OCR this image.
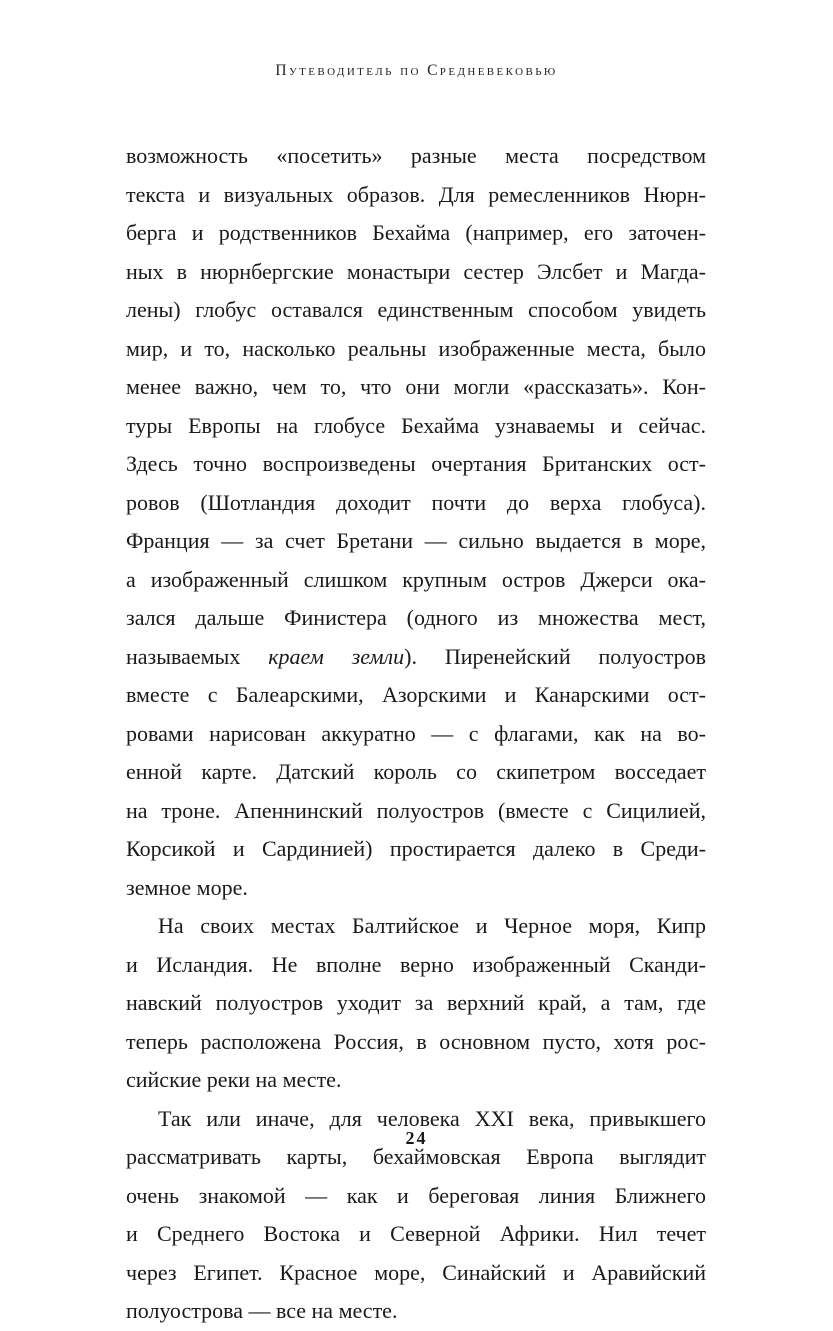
Путеводитель по Средневековью
возможность «посетить» разные места посредством
текста и визуальных образов. Для ремесленников Нюрн-
берга и родственников Бехайма (например, его заточен-
ных в нюрнбергские монастыри сестер Элсбет и Магда-
лены) глобус оставался единственным способом увидеть
мир, и то, насколько реальны изображенные места, было
менее важно, чем то, что они могли «рассказать». Кон-
туры Европы на глобусе Бехайма узнаваемы и сейчас.
Здесь точно воспроизведены очертания Британских ост-
ровов (Шотландия доходит почти до верха глобуса).
Франция — за счет Бретани — сильно выдается в море,
а изображенный слишком крупным остров Джерси ока-
зался дальше Финистера (одного из множества мест,
называемых краем земли). Пиренейский полуостров
вместе с Балеарскими, Азорскими и Канарскими ост-
ровами нарисован аккуратно — с флагами, как на во-
енной карте. Датский король со скипетром восседает
на троне. Апеннинский полуостров (вместе с Сицилией,
Корсикой и Сардинией) простирается далеко в Среди-
земное море.
На своих местах Балтийское и Черное моря, Кипр
и Исландия. Не вполне верно изображенный Сканди-
навский полуостров уходит за верхний край, а там, где
теперь расположена Россия, в основном пусто, хотя рос-
сийские реки на месте.
Так или иначе, для человека XXI века, привыкшего
рассматривать карты, бехаймовская Европа выглядит
очень знакомой — как и береговая линия Ближнего
и Среднего Востока и Северной Африки. Нил течет
через Египет. Красное море, Синайский и Аравийский
полуострова — все на месте.
24
